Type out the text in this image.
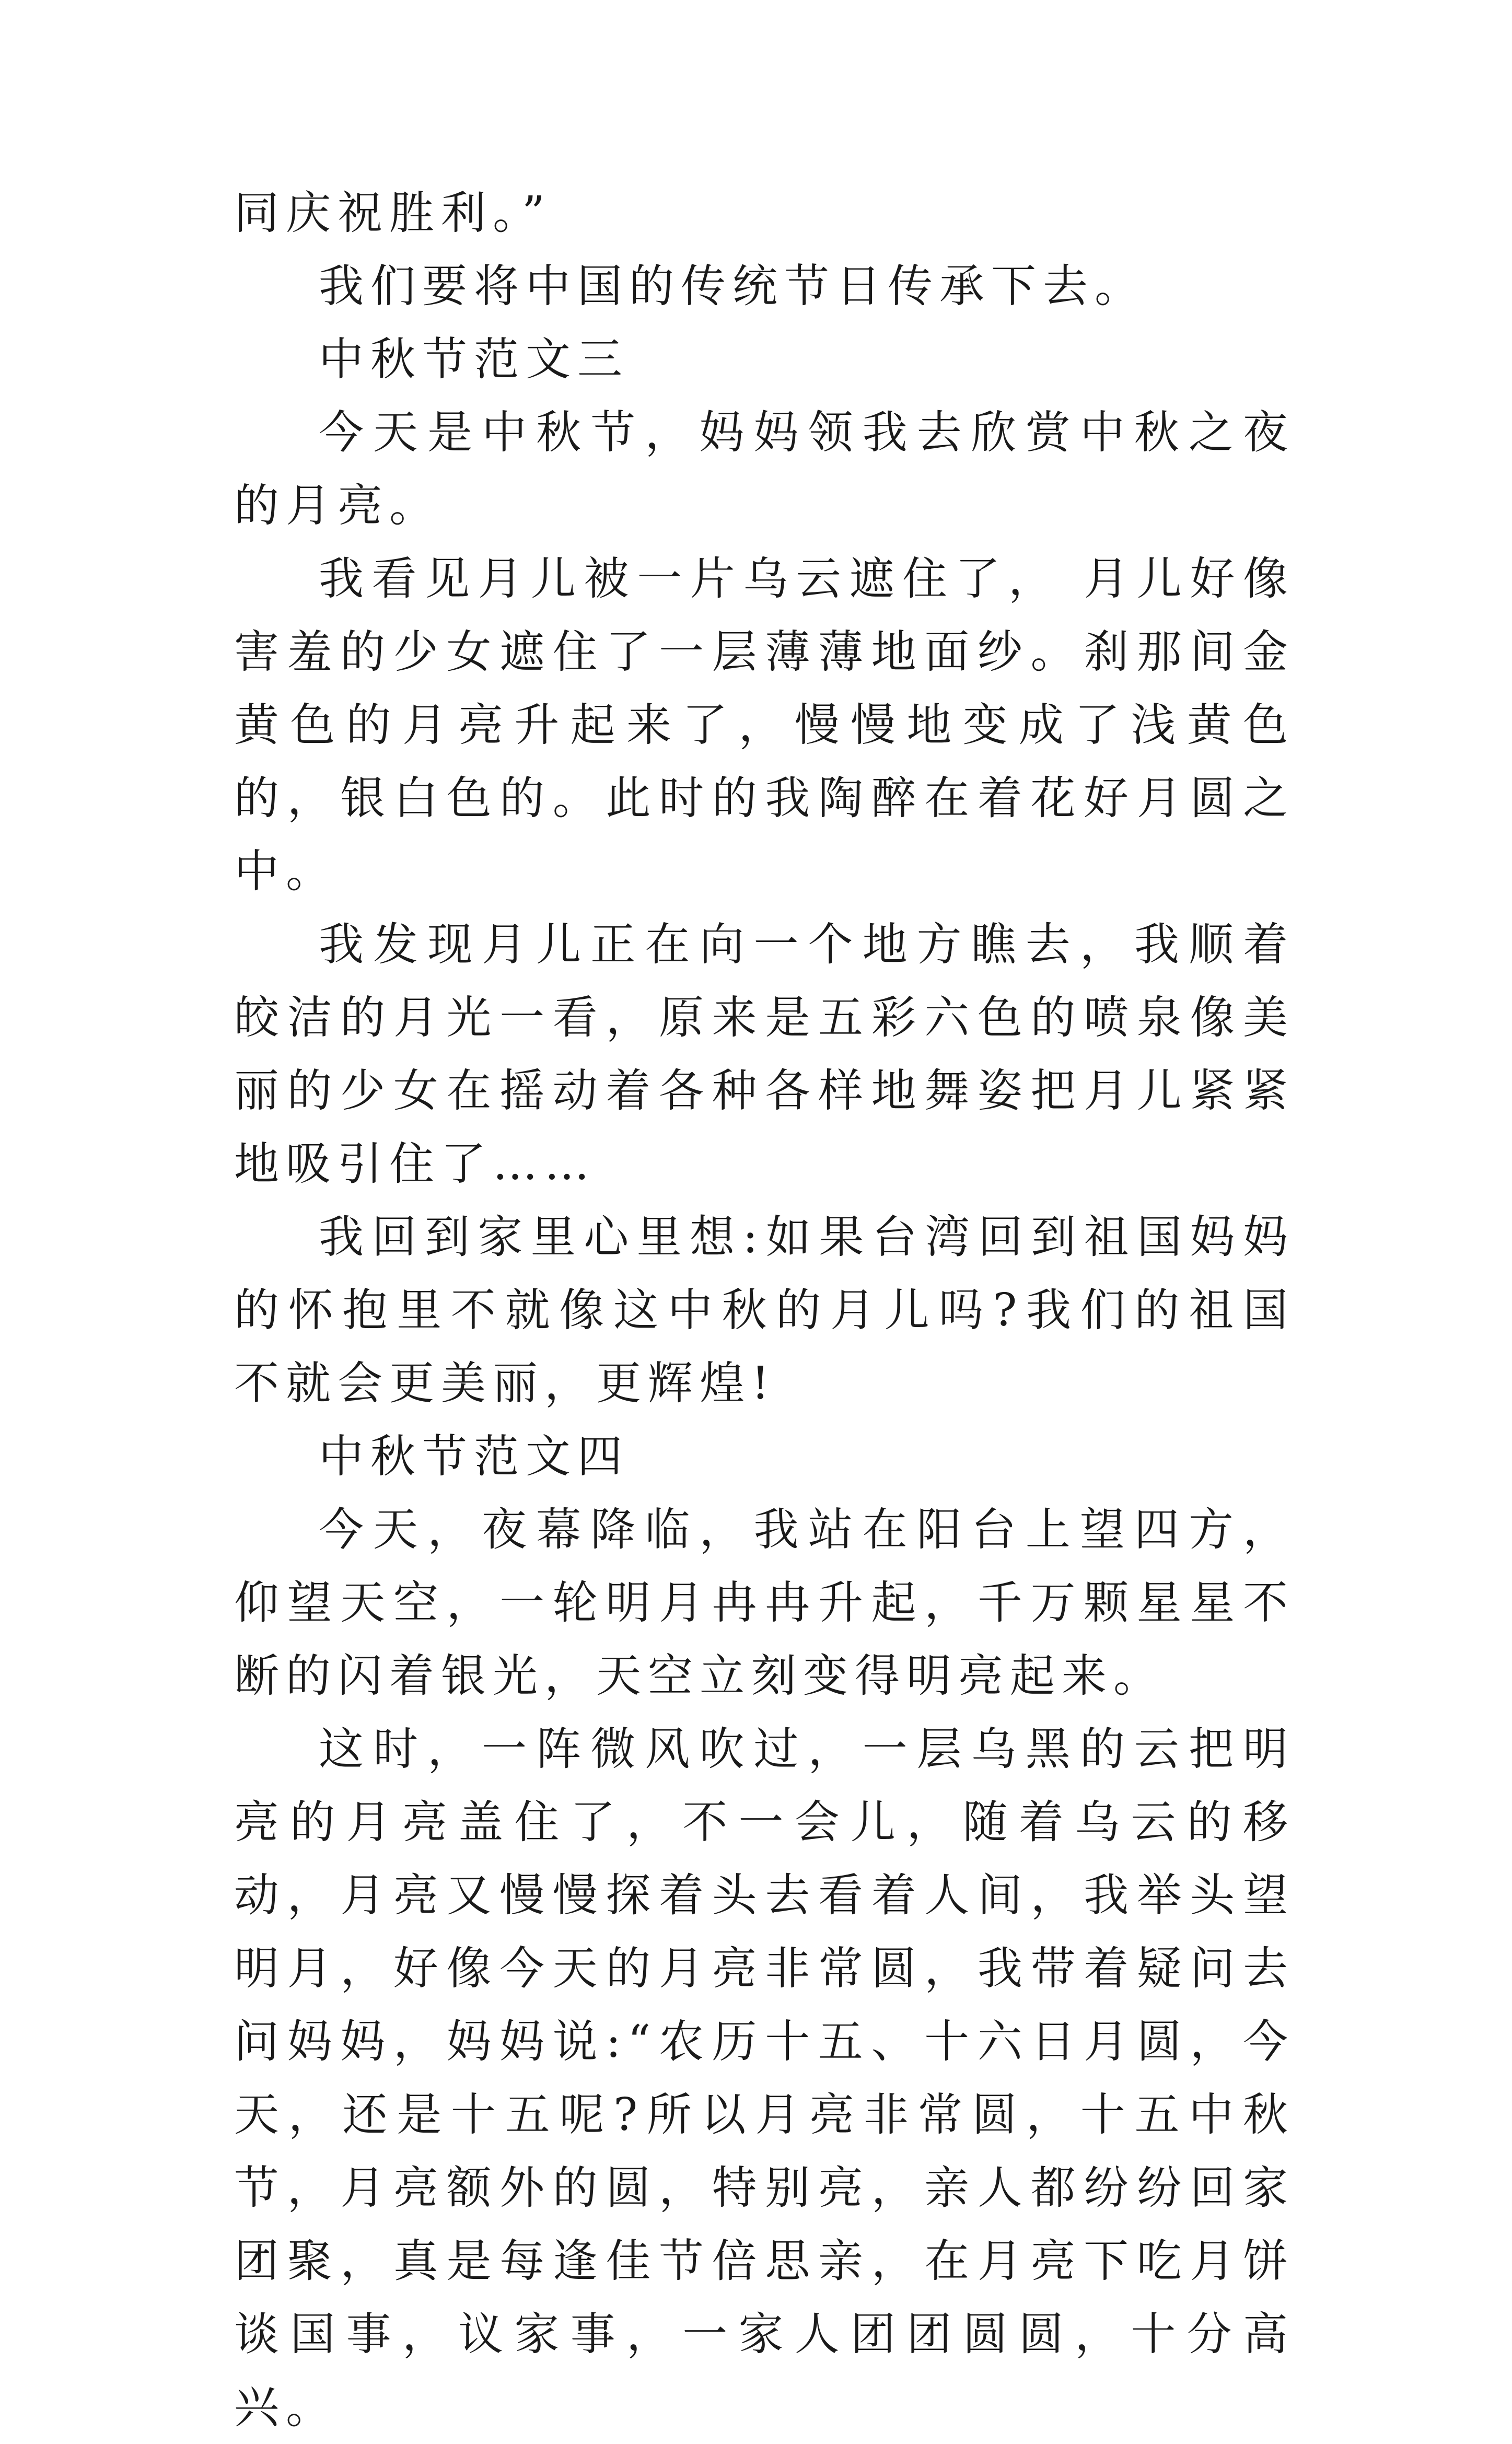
同庆祝胜利。”

我们要将中国的传统节日传承下去。

中秋节范文三

今天是中秋节，妈妈领我去欣赏中秋之夜的月亮。

我看见月儿被一片乌云遮住了， 月儿好像害羞的少女遮住了一层薄薄地面纱。刹那间金黄色的月亮升起来了，慢慢地变成了浅黄色的，银白色的。此时的我陶醉在着花好月圆之中。

我发现月儿正在向一个地方瞧去，我顺着皎洁的月光一看，原来是五彩六色的喷泉像美丽的少女在摇动着各种各样地舞姿把月儿紧紧地吸引住了……

我回到家里心里想:如果台湾回到祖国妈妈的怀抱里不就像这中秋的月儿吗?我们的祖国不就会更美丽，更辉煌!

中秋节范文四

今天，夜幕降临，我站在阳台上望四方，仰望天空，一轮明月冉冉升起，千万颗星星不断的闪着银光，天空立刻变得明亮起来。

这时，一阵微风吹过，一层乌黑的云把明亮的月亮盖住了，不一会儿，随着乌云的移动，月亮又慢慢探着头去看着人间，我举头望明月，好像今天的月亮非常圆，我带着疑问去问妈妈，妈妈说:“农历十五、十六日月圆，今天，还是十五呢?所以月亮非常圆，十五中秋节，月亮额外的圆，特别亮，亲人都纷纷回家团聚，真是每逢佳节倍思亲，在月亮下吃月饼谈国事，议家事，一家人团团圆圆，十分高兴。
